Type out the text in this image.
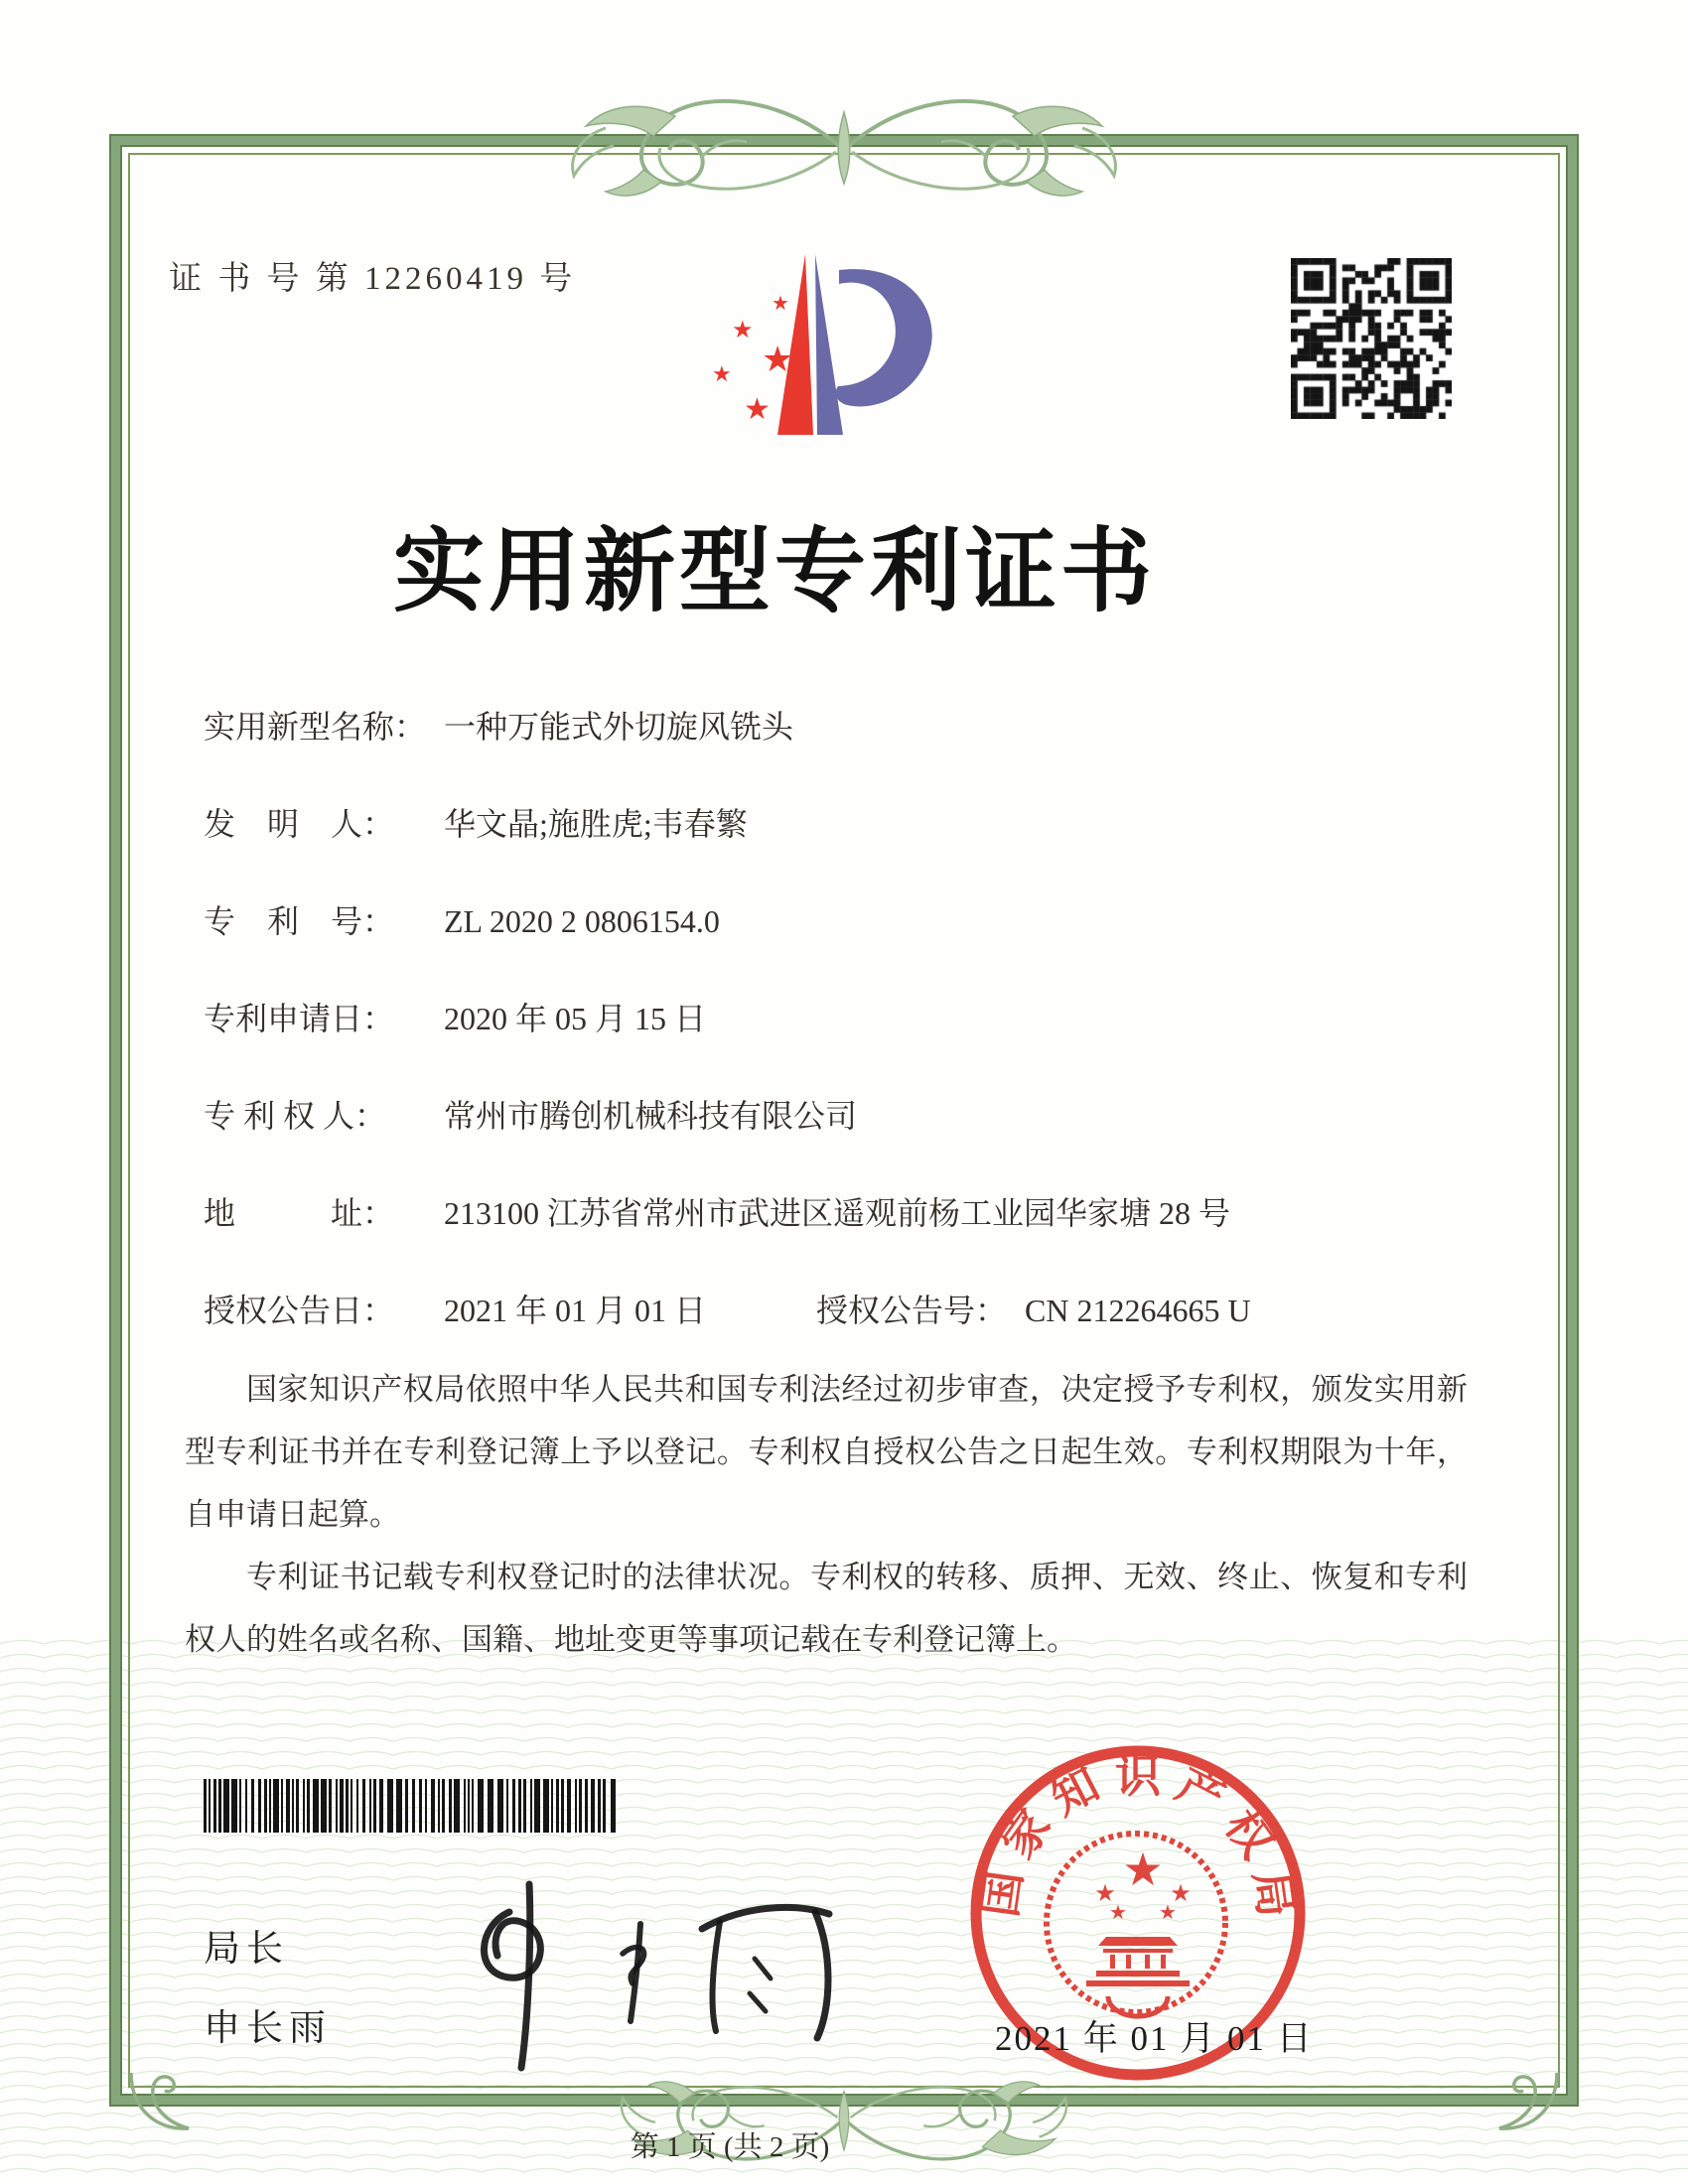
证 书 号 第 12260419 号
★
★
★
★
★
实用新型专利证书
实用新型名称： 一种万能式外切旋风铣头
发　明　人： 华文晶;施胜虎;韦春繁
专　利　号： ZL 2020 2 0806154.0
专利申请日： 2020 年 05 月 15 日
专 利 权 人： 常州市腾创机械科技有限公司
地　　　址： 213100 江苏省常州市武进区遥观前杨工业园华家塘 28 号
授权公告日： 2021 年 01 月 01 日	授权公告号： CN 212264665 U

国家知识产权局依照中华人民共和国专利法经过初步审查，决定授予专利权，颁发实用新型专利证书并在专利登记簿上予以登记。专利权自授权公告之日起生效。专利权期限为十年，自申请日起算。

专利证书记载专利权登记时的法律状况。专利权的转移、质押、无效、终止、恢复和专利权人的姓名或名称、国籍、地址变更等事项记载在专利登记簿上。

局长
申长雨
国
家
知 识 产
权
局
★
★ ★
★ ★
2021 年 01 月 01 日
第 1 页 (共 2 页)
